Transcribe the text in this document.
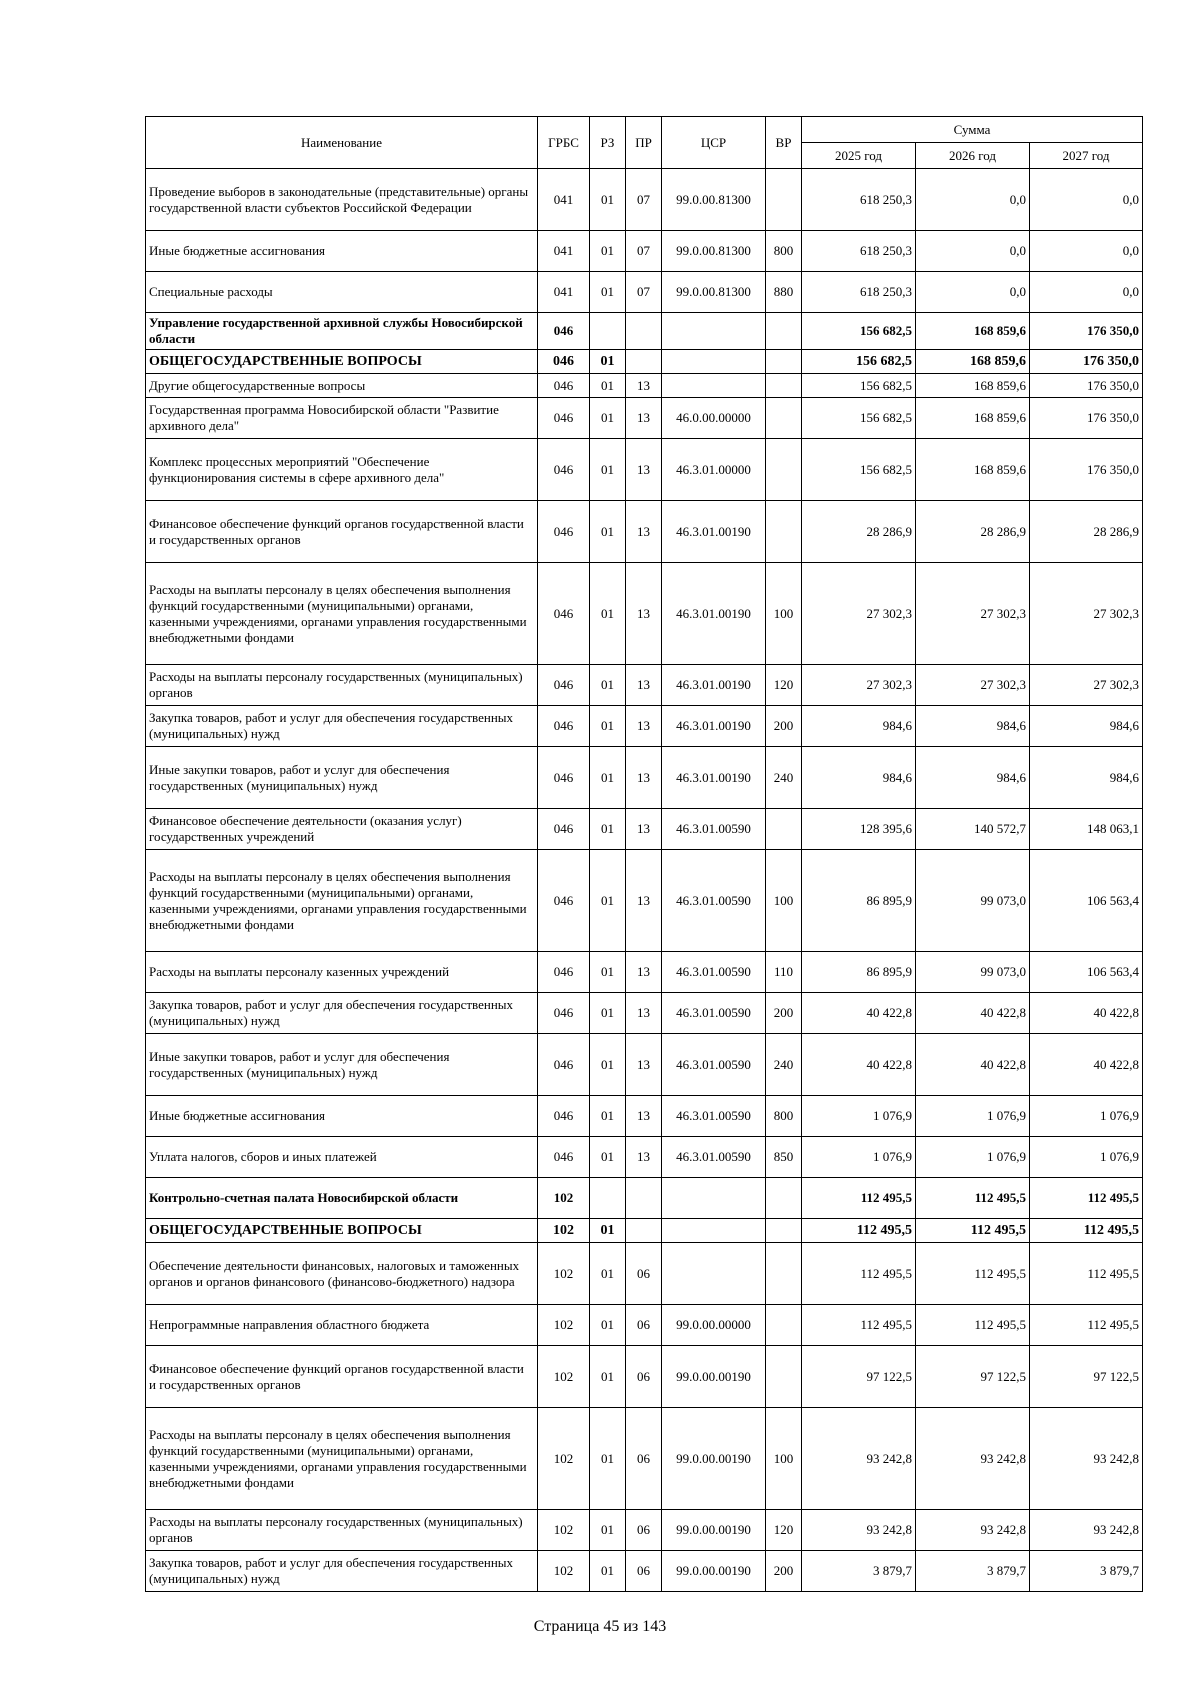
Наименование	ГРБС	РЗ	ПР	ЦСР	ВР	Сумма		
						2025 год	2026 год	2027 год
Проведение выборов в законодательные (представительные) органы государственной власти субъектов Российской Федерации	041	01	07	99.0.00.81300		618 250,3	0,0	0,0
Иные бюджетные ассигнования	041	01	07	99.0.00.81300	800	618 250,3	0,0	0,0
Специальные расходы	041	01	07	99.0.00.81300	880	618 250,3	0,0	0,0
Управление государственной архивной службы Новосибирской области	046					156 682,5	168 859,6	176 350,0
ОБЩЕГОСУДАРСТВЕННЫЕ ВОПРОСЫ	046	01				156 682,5	168 859,6	176 350,0
Другие общегосударственные вопросы	046	01	13			156 682,5	168 859,6	176 350,0
Государственная программа Новосибирской области "Развитие архивного дела"	046	01	13	46.0.00.00000		156 682,5	168 859,6	176 350,0
Комплекс процессных мероприятий "Обеспечение функционирования системы в сфере архивного дела"	046	01	13	46.3.01.00000		156 682,5	168 859,6	176 350,0
Финансовое обеспечение функций органов государственной власти и государственных органов	046	01	13	46.3.01.00190		28 286,9	28 286,9	28 286,9
Расходы на выплаты персоналу в целях обеспечения выполнения функций государственными (муниципальными) органами, казенными учреждениями, органами управления государственными внебюджетными фондами	046	01	13	46.3.01.00190	100	27 302,3	27 302,3	27 302,3
Расходы на выплаты персоналу государственных (муниципальных) органов	046	01	13	46.3.01.00190	120	27 302,3	27 302,3	27 302,3
Закупка товаров, работ и услуг для обеспечения государственных (муниципальных) нужд	046	01	13	46.3.01.00190	200	984,6	984,6	984,6
Иные закупки товаров, работ и услуг для обеспечения государственных (муниципальных) нужд	046	01	13	46.3.01.00190	240	984,6	984,6	984,6
Финансовое обеспечение деятельности (оказания услуг) государственных учреждений	046	01	13	46.3.01.00590		128 395,6	140 572,7	148 063,1
Расходы на выплаты персоналу в целях обеспечения выполнения функций государственными (муниципальными) органами, казенными учреждениями, органами управления государственными внебюджетными фондами	046	01	13	46.3.01.00590	100	86 895,9	99 073,0	106 563,4
Расходы на выплаты персоналу казенных учреждений	046	01	13	46.3.01.00590	110	86 895,9	99 073,0	106 563,4
Закупка товаров, работ и услуг для обеспечения государственных (муниципальных) нужд	046	01	13	46.3.01.00590	200	40 422,8	40 422,8	40 422,8
Иные закупки товаров, работ и услуг для обеспечения государственных (муниципальных) нужд	046	01	13	46.3.01.00590	240	40 422,8	40 422,8	40 422,8
Иные бюджетные ассигнования	046	01	13	46.3.01.00590	800	1 076,9	1 076,9	1 076,9
Уплата налогов, сборов и иных платежей	046	01	13	46.3.01.00590	850	1 076,9	1 076,9	1 076,9
Контрольно-счетная палата Новосибирской области	102					112 495,5	112 495,5	112 495,5
ОБЩЕГОСУДАРСТВЕННЫЕ ВОПРОСЫ	102	01				112 495,5	112 495,5	112 495,5
Обеспечение деятельности финансовых, налоговых и таможенных органов и органов финансового (финансово-бюджетного) надзора	102	01	06			112 495,5	112 495,5	112 495,5
Непрограммные направления областного бюджета	102	01	06	99.0.00.00000		112 495,5	112 495,5	112 495,5
Финансовое обеспечение функций органов государственной власти и государственных органов	102	01	06	99.0.00.00190		97 122,5	97 122,5	97 122,5
Расходы на выплаты персоналу в целях обеспечения выполнения функций государственными (муниципальными) органами, казенными учреждениями, органами управления государственными внебюджетными фондами	102	01	06	99.0.00.00190	100	93 242,8	93 242,8	93 242,8
Расходы на выплаты персоналу государственных (муниципальных) органов	102	01	06	99.0.00.00190	120	93 242,8	93 242,8	93 242,8
Закупка товаров, работ и услуг для обеспечения государственных (муниципальных) нужд	102	01	06	99.0.00.00190	200	3 879,7	3 879,7	3 879,7
Страница 45 из 143
